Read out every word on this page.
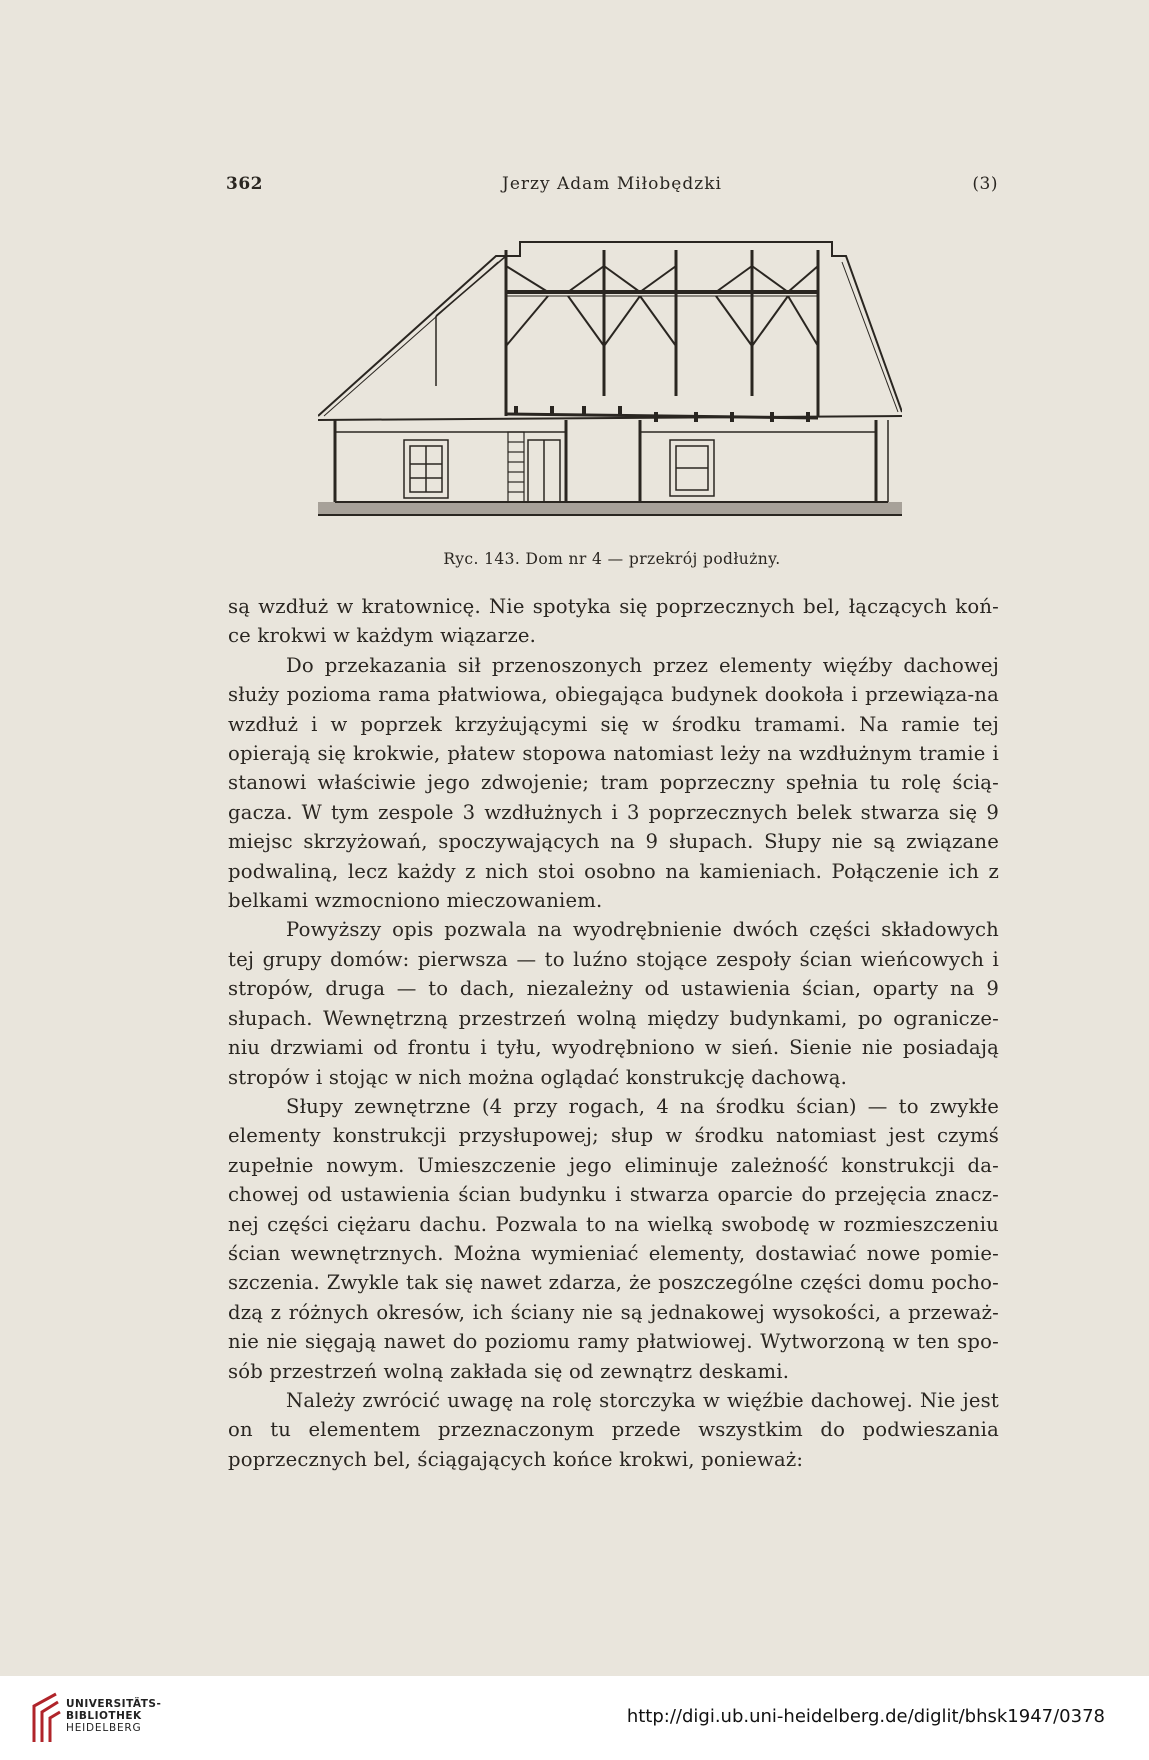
362	Jerzy Adam Miłobędzki	(3)
Ryc. 143. Dom nr 4 — przekrój podłużny.

są wzdłuż w kratownicę. Nie spotyka się poprzecznych bel, łączących koń-ce krokwi w każdym wiązarze.

Do przekazania sił przenoszonych przez elementy więźby dachowej służy pozioma rama płatwiowa, obiegająca budynek dookoła i przewiąza-na wzdłuż i w poprzek krzyżującymi się w środku tramami. Na ramie tej opierają się krokwie, płatew stopowa natomiast leży na wzdłużnym tramie i stanowi właściwie jego zdwojenie; tram poprzeczny spełnia tu rolę ścią-gacza. W tym zespole 3 wzdłużnych i 3 poprzecznych belek stwarza się 9 miejsc skrzyżowań, spoczywających na 9 słupach. Słupy nie są związane podwaliną, lecz każdy z nich stoi osobno na kamieniach. Połączenie ich z belkami wzmocniono mieczowaniem.

Powyższy opis pozwala na wyodrębnienie dwóch części składowych tej grupy domów: pierwsza — to luźno stojące zespoły ścian wieńcowych i stropów, druga — to dach, niezależny od ustawienia ścian, oparty na 9 słupach. Wewnętrzną przestrzeń wolną między budynkami, po ogranicze-niu drzwiami od frontu i tyłu, wyodrębniono w sień. Sienie nie posiadają stropów i stojąc w nich można oglądać konstrukcję dachową.

Słupy zewnętrzne (4 przy rogach, 4 na środku ścian) — to zwykłe elementy konstrukcji przysłupowej; słup w środku natomiast jest czymś zupełnie nowym. Umieszczenie jego eliminuje zależność konstrukcji da-chowej od ustawienia ścian budynku i stwarza oparcie do przejęcia znacz-nej części ciężaru dachu. Pozwala to na wielką swobodę w rozmieszczeniu ścian wewnętrznych. Można wymieniać elementy, dostawiać nowe pomie-szczenia. Zwykle tak się nawet zdarza, że poszczególne części domu pocho-dzą z różnych okresów, ich ściany nie są jednakowej wysokości, a przeważ-nie nie sięgają nawet do poziomu ramy płatwiowej. Wytworzoną w ten spo-sób przestrzeń wolną zakłada się od zewnątrz deskami.

Należy zwrócić uwagę na rolę storczyka w więźbie dachowej. Nie jest on tu elementem przeznaczonym przede wszystkim do podwieszania poprzecznych bel, ściągających końce krokwi, ponieważ:

UNIVERSITÄTS-
BIBLIOTHEK
HEIDELBERG
http://digi.ub.uni-heidelberg.de/diglit/bhsk1947/0378
